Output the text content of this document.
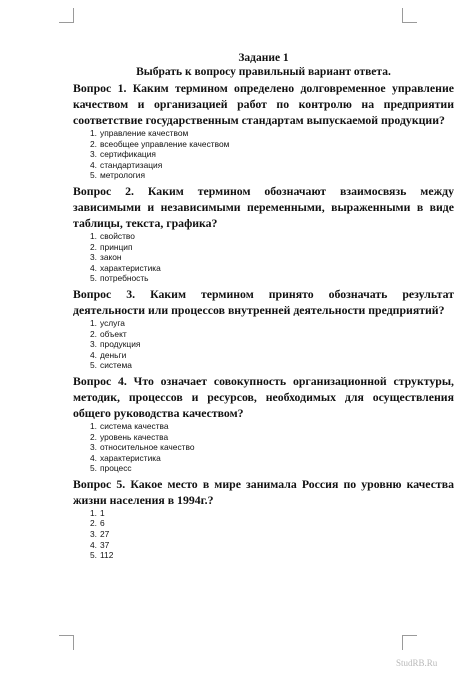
Задание 1
Выбрать к вопросу правильный вариант ответа.

Вопрос 1. Каким термином определено долговременное управление качеством и организацией работ по контролю на предприятии соответствие государственным стандартам выпускаемой продукции?

1 . управление качеством
2 . всеобщее управление качеством
3 . сертификация
4 . стандартизация
5 . метрология

Вопрос 2. Каким термином обозначают взаимосвязь между зависимыми и независимыми переменными, выраженными в виде таблицы, текста, графика?

1 . свойство
2 . принцип
3 . закон
4 . характеристика
5 . потребность

Вопрос 3. Каким термином принято обозначать результат деятельности или процессов внутренней деятельности предприятий?

1 . услуга
2 . объект
3 . продукция
4 . деньги
5 . система

Вопрос 4. Что означает совокупность организационной структуры, методик, процессов и ресурсов, необходимых для осуществления общего руководства качеством?

1 . система качества
2 . уровень качества
3 . относительное качество
4 . характеристика
5 . процесс

Вопрос 5. Какое место в мире занимала Россия по уровню качества жизни населения в 1994г.?

1 . 1
2 . 6
3 . 27
4 . 37
5 . 112
StudRB.Ru
